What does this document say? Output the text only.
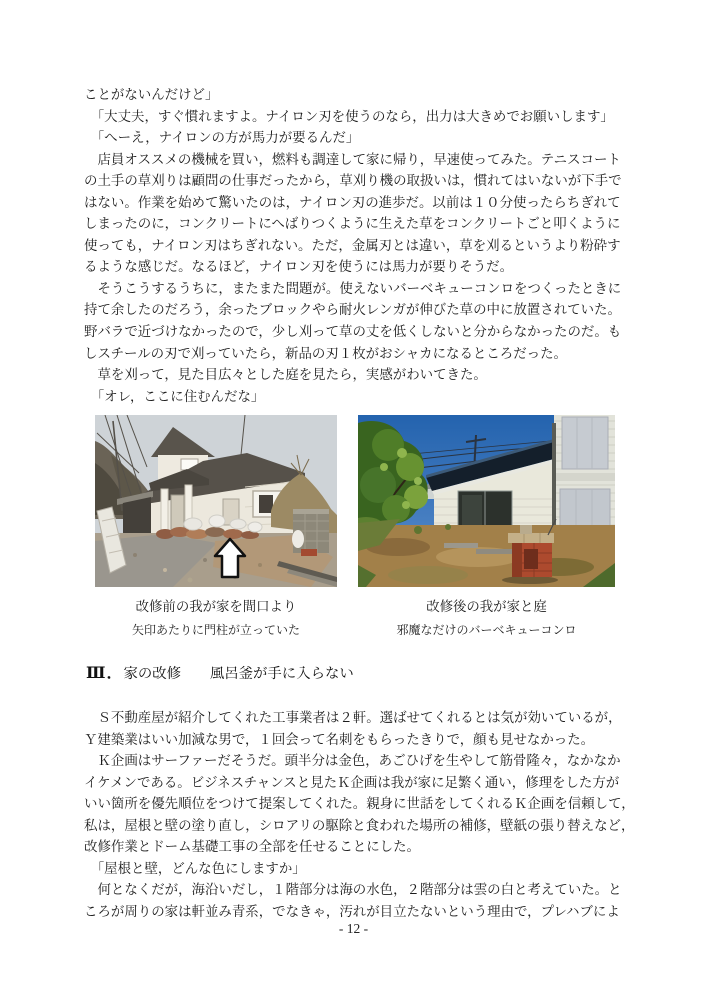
ことがないんだけど」
　「大丈夫，すぐ慣れますよ。ナイロン刃を使うのなら，出力は大きめでお願いします」
　「へーえ，ナイロンの方が馬力が要るんだ」
　店員オススメの機械を買い，燃料も調達して家に帰り，早速使ってみた。テニスコート
の土手の草刈りは顧問の仕事だったから，草刈り機の取扱いは，慣れてはいないが下手で
はない。作業を始めて驚いたのは，ナイロン刃の進歩だ。以前は１０分使ったらちぎれて
しまったのに，コンクリートにへばりつくように生えた草をコンクリートごと叩くように
使っても，ナイロン刃はちぎれない。ただ，金属刃とは違い，草を刈るというより粉砕す
るような感じだ。なるほど，ナイロン刃を使うには馬力が要りそうだ。
　そうこうするうちに，またまた問題が。使えないバーベキューコンロをつくったときに
持て余したのだろう，余ったブロックやら耐火レンガが伸びた草の中に放置されていた。
野バラで近づけなかったので，少し刈って草の丈を低くしないと分からなかったのだ。も
しスチールの刃で刈っていたら，新品の刃１枚がおシャカになるところだった。
　草を刈って，見た目広々とした庭を見たら，実感がわいてきた。
　「オレ，ここに住むんだな」
改修前の我が家を間口より	改修後の我が家と庭
矢印あたりに門柱が立っていた	邪魔なだけのバーベキューコンロ
Ⅲ．家の改修　　風呂釜が手に入らない
　Ｓ不動産屋が紹介してくれた工事業者は２軒。選ばせてくれるとは気が効いているが，
Ｙ建築業はいい加減な男で，１回会って名刺をもらったきりで，顔も見せなかった。
　Ｋ企画はサーファーだそうだ。頭半分は金色，あごひげを生やして筋骨隆々，なかなか
イケメンである。ビジネスチャンスと見たＫ企画は我が家に足繁く通い，修理をした方が
いい箇所を優先順位をつけて提案してくれた。親身に世話をしてくれるＫ企画を信頼して，
私は，屋根と壁の塗り直し，シロアリの駆除と食われた場所の補修，壁紙の張り替えなど，
改修作業とドーム基礎工事の全部を任せることにした。
　「屋根と壁，どんな色にしますか」
　何となくだが，海沿いだし，１階部分は海の水色，２階部分は雲の白と考えていた。と
ころが周りの家は軒並み青系，でなきゃ，汚れが目立たないという理由で，プレハブによ
- 12 -
